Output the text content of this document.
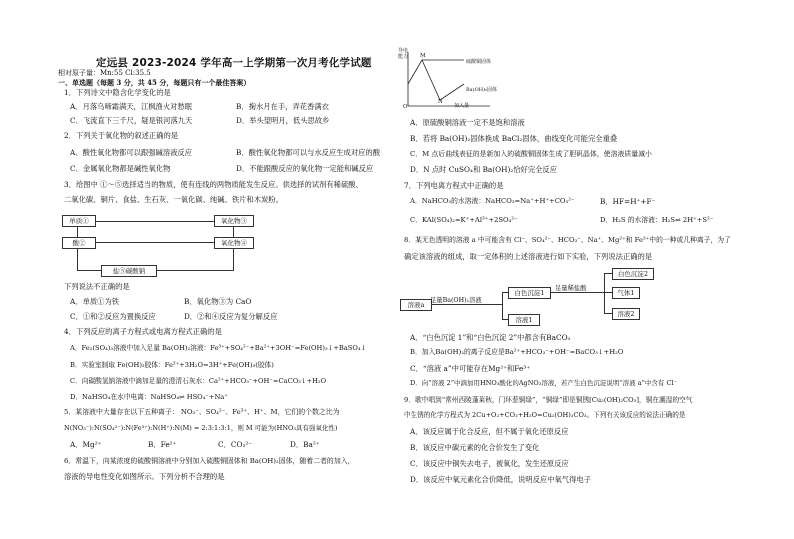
定远县 2023-2024 学年高一上学期第一次月考化学试题
相对原子量：Mn:55 Cl:35.5
一、单选题（每题 3 分，共 45 分，每题只有一个最佳答案）
1．下列诗文中隐含化学变化的是
A．月落乌啼霜满天，江枫渔火对愁眠	B．掬水月在手，弄花香满衣
C．飞流直下三千尺，疑是银河落九天	D．举头望明月，低头思故乡
2．下列关于氧化物的叙述正确的是
A．酸性氧化物都可以跟强碱溶液反应	B．酸性氧化物都可以与水反应生成对应的酸
C．金属氧化物都是碱性氧化物	D．不能跟酸反应的氧化物一定能和碱反应
3．给图中 ①～⑤选择适当的物质，使有连线的两物质能发生反应。供选择的试剂有稀硫酸、
二氧化碳、铜片、食盐、生石灰、一氧化碳、纯碱、铁片和木炭粉。
单质①	氧化物③
酸②	氧化物④
盐⑤碳酸钠
下列说法不正确的是
A．单质①为铁	B．氧化物③为 CaO
C．①和②反应为置换反应	D．②和④反应为复分解反应
4．下列反应的离子方程式或电离方程式正确的是
A．Fe₂(SO₄)₃溶液中加入足量 Ba(OH)₂溶液：Fe³⁺+SO₄²⁻+Ba²⁺+3OH⁻=Fe(OH)₃↓+BaSO₄↓
B．实验室制取 Fe(OH)₃胶体：Fe³⁺+3H₂O=3H⁺+Fe(OH)₃(胶体)
C．向碳酸氢钠溶液中滴加足量的澄清石灰水：Ca²⁺+HCO₃⁻+OH⁻=CaCO₃↓+H₂O
D．NaHSO₄在水中电离：NaHSO₄⇌ HSO₄⁻+Na⁺
5．某溶液中大量存在以下五种离子： NO₃⁻、SO₄²⁻、Fe³⁺、H⁺、M，它们的个数之比为
N(NO₃⁻):N(SO₄²⁻):N(Fe³⁺):N(H⁺):N(M) = 2:3:1:3:1，则 M 可能为(HNO₃具有强氧化性)
A．Mg²⁺	B．Fe²⁺	C．CO₃²⁻	D．Ba²⁺
6．常温下，向某浓度的硫酸铜溶液中分别加入硫酸铜固体和 Ba(OH)₂固体，随着二者的加入，
溶液的导电性变化如图所示。下列分析不合理的是
导电能力 M
N
O
硫酸铜固体
Ba(OH)₂固体
加入量
A．原硫酸铜溶液一定不是饱和溶液
B．若将 Ba(OH)₂固体换成 BaCl₂固体，曲线变化可能完全重叠
C．M 点后曲线表征的是新加入的硫酸铜固体生成了胆矾晶体，使溶液质量减小
D．N 点时 CuSO₄和 Ba(OH)₂恰好完全反应
7．下列电离方程式中正确的是
A．NaHCO₃的水溶液：NaHCO₃=Na⁺+H⁺+CO₃²⁻	B．HF=H⁺+F⁻
C．KAl(SO₄)₂=K⁺+Al³⁺+2SO₄²⁻	D．H₂S 的水溶液：H₂S⇌ 2H⁺+S²⁻
8．某无色透明的溶液 a 中可能含有 Cl⁻、SO₄²⁻、HCO₃⁻、Na⁺、Mg²⁺和 Fe³⁺中的一种或几种离子，为了
确定该溶液的组成，取一定体积的上述溶液进行如下实验，下列说法正确的是
溶液a
足量Ba(OH)₂溶液
白色沉淀1
足量稀盐酸
白色沉淀2
气体1
溶液2
溶液1
A．“白色沉淀 1”和“白色沉淀 2”中都含有BaCO₃
B．加入Ba(OH)₂的离子反应是Ba²⁺+HCO₃⁻+OH⁻=BaCO₃↓+H₂O
C．“溶液 a”中可能存在Mg²⁺和Fe³⁺
D．向“溶液 2”中滴加用HNO₃酸化的AgNO₃溶液，若产生白色沉淀说明“溶液 a”中含有 Cl⁻
9．歌中唱到“常州西陵蓬莱秋，门环惹铜绿”，“铜绿”即是铜锈[Cu₂(OH)₂CO₃]，铜在潮湿的空气
中生锈的化学方程式为 2Cu+O₂+CO₂+H₂O=Cu₂(OH)₂CO₃。下列有关该反应的说法正确的是
A．该反应属于化合反应，但不属于氧化还原反应
B．该反应中碳元素的化合价发生了变化
C．该反应中铜失去电子，被氧化，发生还原反应
D．该反应中氧元素化合价降低，说明反应中氧气得电子
